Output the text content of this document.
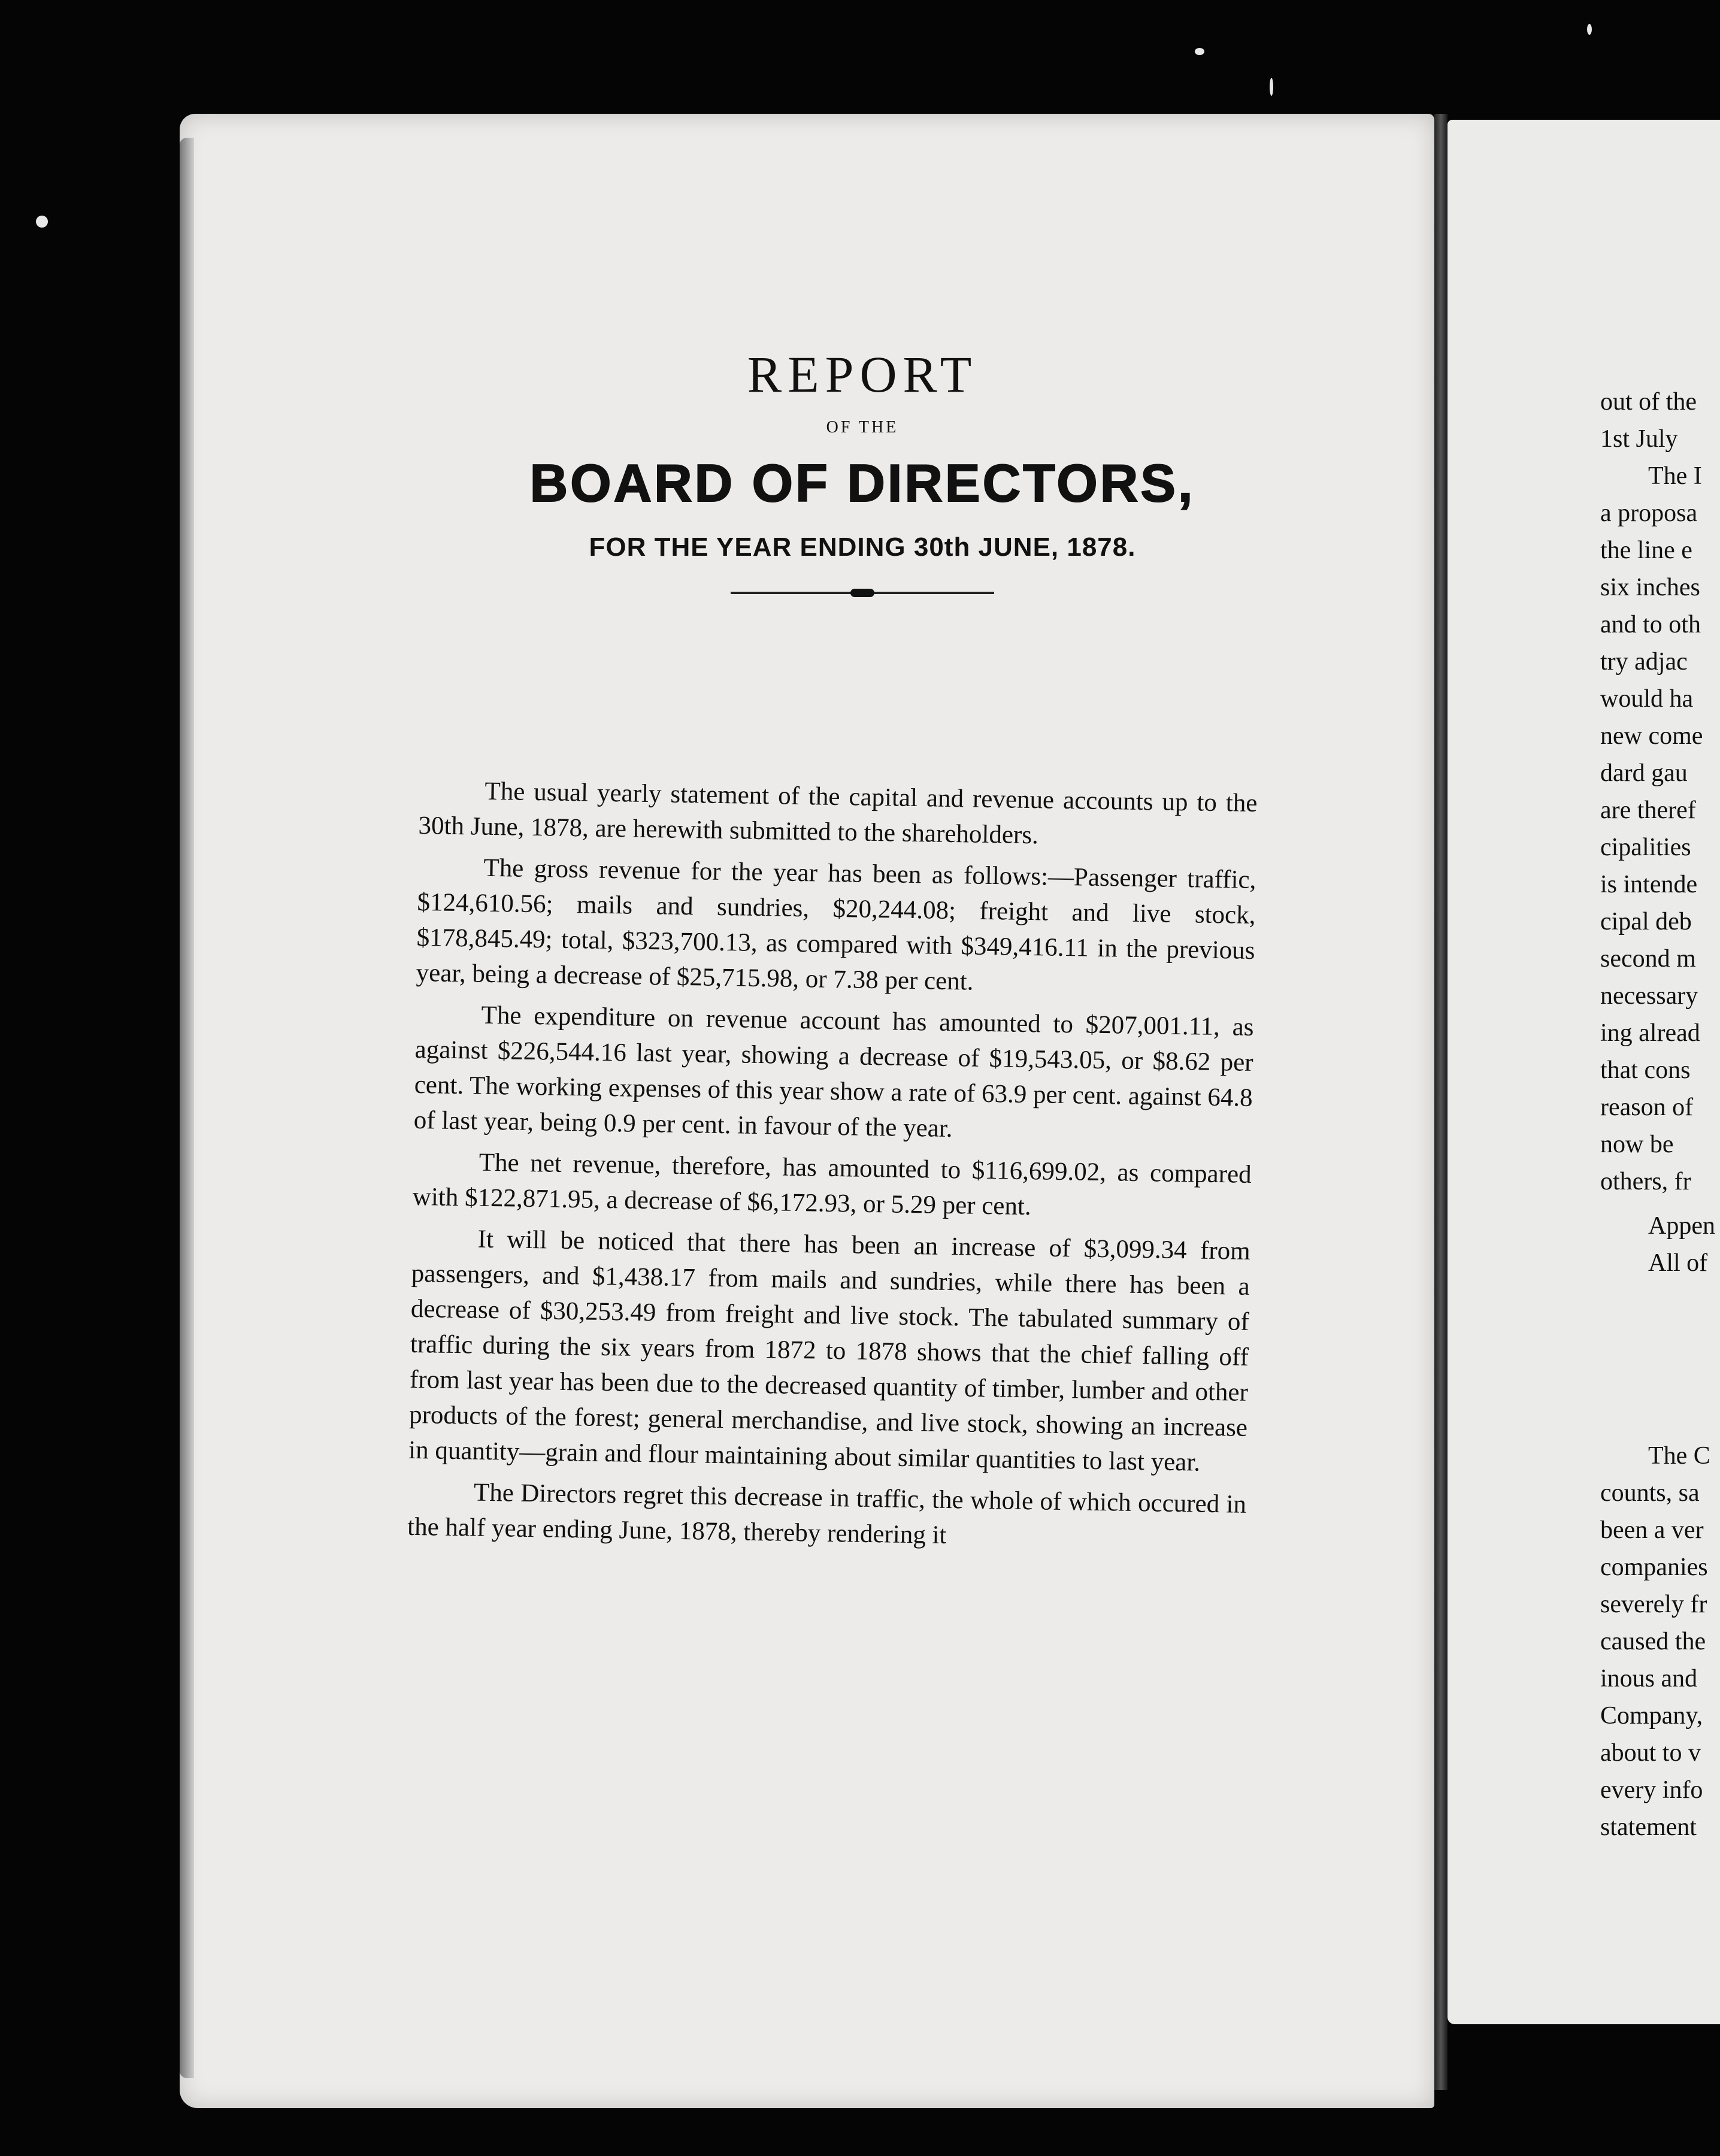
REPORT
OF THE
BOARD OF DIRECTORS,
FOR THE YEAR ENDING 30th JUNE, 1878.

The usual yearly statement of the capital and revenue accounts up to the 30th June, 1878, are herewith submitted to the shareholders.

The gross revenue for the year has been as follows:—Passenger traffic, $124,610.56; mails and sundries, $20,244.08; freight and live stock, $178,845.49; total, $323,700.13, as compared with $349,416.11 in the previous year, being a decrease of $25,715.98, or 7.38 per cent.

The expenditure on revenue account has amounted to $207,001.11, as against $226,544.16 last year, showing a decrease of $19,543.05, or $8.62 per cent. The working expenses of this year show a rate of 63.9 per cent. against 64.8 of last year, being 0.9 per cent. in favour of the year.

The net revenue, therefore, has amounted to $116,699.02, as compared with $122,871.95, a decrease of $6,172.93, or 5.29 per cent.

It will be noticed that there has been an increase of $3,099.34 from passengers, and $1,438.17 from mails and sundries, while there has been a decrease of $30,253.49 from freight and live stock. The tabulated summary of traffic during the six years from 1872 to 1878 shows that the chief falling off from last year has been due to the decreased quantity of timber, lumber and other products of the forest; general merchandise, and live stock, showing an increase in quantity—grain and flour maintaining about similar quantities to last year.

The Directors regret this decrease in traffic, the whole of which occured in the half year ending June, 1878, thereby rendering it

out of the
1st July
The I
a proposa
the line e
six inches
and to oth
try adjac
would ha
new come
dard gau
are theref
cipalities
is intende
cipal deb
second m
necessary
ing alread
that cons
reason of
now be
others, fr
Appen
All of
The C
counts, sa
been a ver
companies
severely fr
caused the
inous and
Company,
about to v
every info
statement
